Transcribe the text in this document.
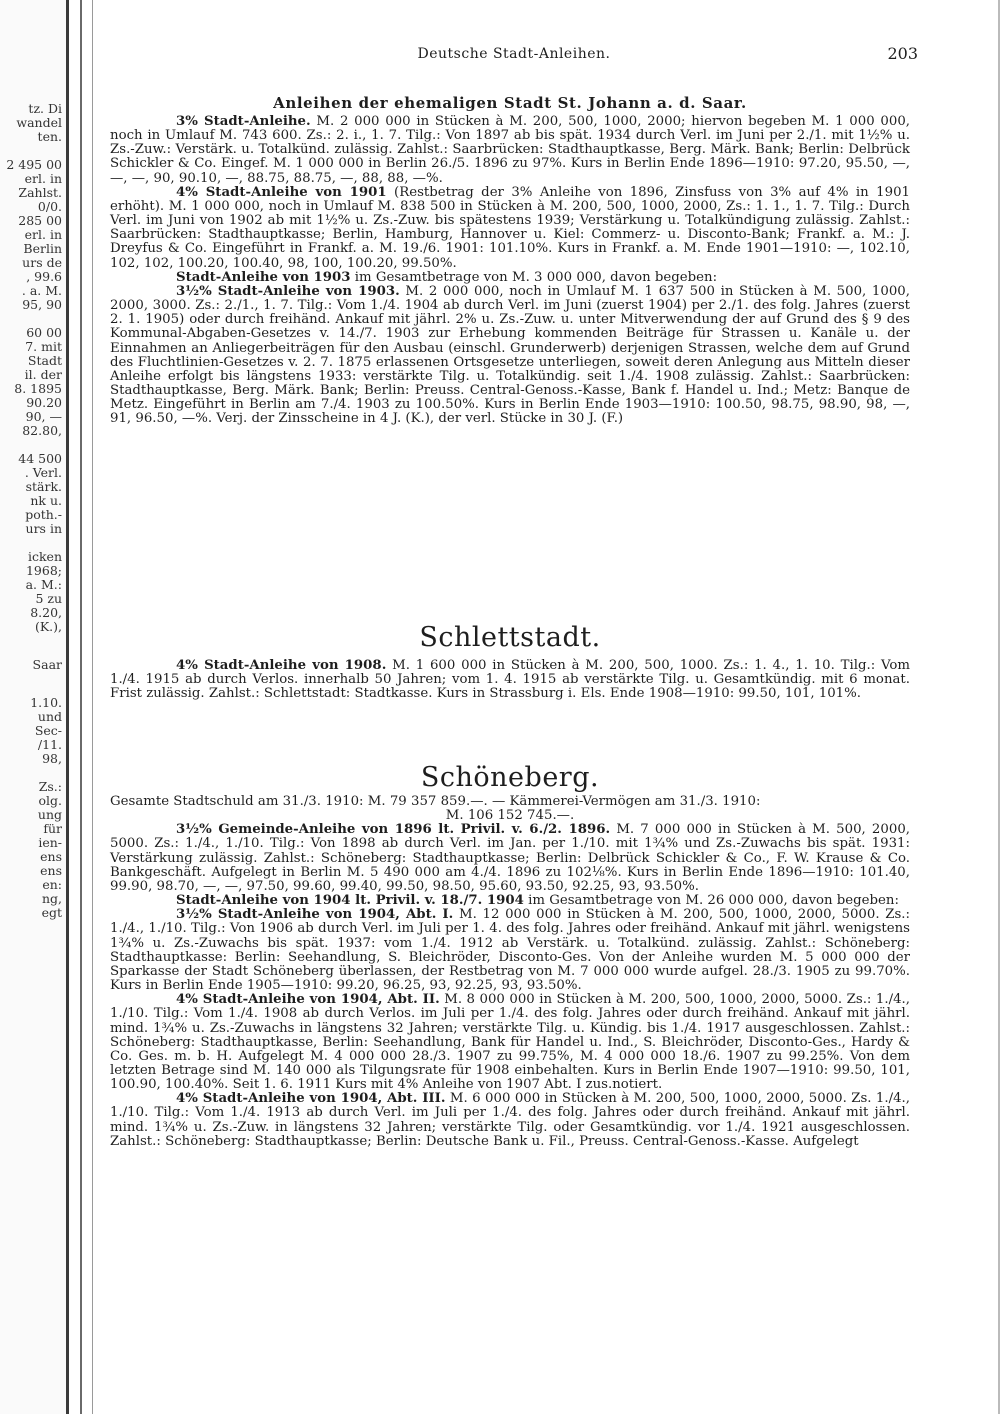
tz. Di
wandel
ten.
2 495 00
erl. in
Zahlst.
0/0.
285 00
erl. in
Berlin
urs de
, 99.6
. a. M.
95, 90
60 00
7. mit
Stadt
il. der
8. 1895
90.20
90, —
82.80,
44 500
. Verl.
stärk.
nk u.
poth.-
urs in
icken
1968;
a. M.:
5 zu
8.20,
(K.),
Saar
1.10.
und
Sec-
/11.
98,
Zs.:
olg.
ung
für
ien-
ens
ens
en:
ng,
egt
Deutsche Stadt-Anleihen.	203

Anleihen der ehemaligen Stadt St. Johann a. d. Saar.

3% Stadt-Anleihe. M. 2 000 000 in Stücken à M. 200, 500, 1000, 2000; hiervon begeben M. 1 000 000, noch in Umlauf M. 743 600. Zs.: 2. i., 1. 7. Tilg.: Von 1897 ab bis spät. 1934 durch Verl. im Juni per 2./1. mit 1½% u. Zs.-Zuw.: Verstärk. u. Totalkünd. zulässig. Zahlst.: Saarbrücken: Stadthauptkasse, Berg. Märk. Bank; Berlin: Delbrück Schickler & Co. Eingef. M. 1 000 000 in Berlin 26./5. 1896 zu 97%. Kurs in Berlin Ende 1896—1910: 97.20, 95.50, —, —, —, 90, 90.10, —, 88.75, 88.75, —, 88, 88, —%.

4% Stadt-Anleihe von 1901 (Restbetrag der 3% Anleihe von 1896, Zinsfuss von 3% auf 4% in 1901 erhöht). M. 1 000 000, noch in Umlauf M. 838 500 in Stücken à M. 200, 500, 1000, 2000, Zs.: 1. 1., 1. 7. Tilg.: Durch Verl. im Juni von 1902 ab mit 1½% u. Zs.-Zuw. bis spätestens 1939; Verstärkung u. Totalkündigung zulässig. Zahlst.: Saarbrücken: Stadthauptkasse; Berlin, Hamburg, Hannover u. Kiel: Commerz- u. Disconto-Bank; Frankf. a. M.: J. Dreyfus & Co. Eingeführt in Frankf. a. M. 19./6. 1901: 101.10%. Kurs in Frankf. a. M. Ende 1901—1910: —, 102.10, 102, 102, 100.20, 100.40, 98, 100, 100.20, 99.50%.

Stadt-Anleihe von 1903 im Gesamtbetrage von M. 3 000 000, davon begeben:

3½% Stadt-Anleihe von 1903. M. 2 000 000, noch in Umlauf M. 1 637 500 in Stücken à M. 500, 1000, 2000, 3000. Zs.: 2./1., 1. 7. Tilg.: Vom 1./4. 1904 ab durch Verl. im Juni (zuerst 1904) per 2./1. des folg. Jahres (zuerst 2. 1. 1905) oder durch freihänd. Ankauf mit jährl. 2% u. Zs.-Zuw. u. unter Mitverwendung der auf Grund des § 9 des Kommunal-Abgaben-Gesetzes v. 14./7. 1903 zur Erhebung kommenden Beiträge für Strassen u. Kanäle u. der Einnahmen an Anliegerbeiträgen für den Ausbau (einschl. Grunderwerb) derjenigen Strassen, welche dem auf Grund des Fluchtlinien-Gesetzes v. 2. 7. 1875 erlassenen Ortsgesetze unterliegen, soweit deren Anlegung aus Mitteln dieser Anleihe erfolgt bis längstens 1933: verstärkte Tilg. u. Totalkündig. seit 1./4. 1908 zulässig. Zahlst.: Saarbrücken: Stadthauptkasse, Berg. Märk. Bank; Berlin: Preuss. Central-Genoss.-Kasse, Bank f. Handel u. Ind.; Metz: Banque de Metz. Eingeführt in Berlin am 7./4. 1903 zu 100.50%. Kurs in Berlin Ende 1903—1910: 100.50, 98.75, 98.90, 98, —, 91, 96.50, —%. Verj. der Zinsscheine in 4 J. (K.), der verl. Stücke in 30 J. (F.)

Schlettstadt.

4% Stadt-Anleihe von 1908. M. 1 600 000 in Stücken à M. 200, 500, 1000. Zs.: 1. 4., 1. 10. Tilg.: Vom 1./4. 1915 ab durch Verlos. innerhalb 50 Jahren; vom 1. 4. 1915 ab verstärkte Tilg. u. Gesamtkündig. mit 6 monat. Frist zulässig. Zahlst.: Schlettstadt: Stadtkasse. Kurs in Strassburg i. Els. Ende 1908—1910: 99.50, 101, 101%.

Schöneberg.

Gesamte Stadtschuld am 31./3. 1910: M. 79 357 859.—. — Kämmerei-Vermögen am 31./3. 1910:

M. 106 152 745.—.

3½% Gemeinde-Anleihe von 1896 lt. Privil. v. 6./2. 1896. M. 7 000 000 in Stücken à M. 500, 2000, 5000. Zs.: 1./4., 1./10. Tilg.: Von 1898 ab durch Verl. im Jan. per 1./10. mit 1¾% und Zs.-Zuwachs bis spät. 1931: Verstärkung zulässig. Zahlst.: Schöneberg: Stadthauptkasse; Berlin: Delbrück Schickler & Co., F. W. Krause & Co. Bankgeschäft. Aufgelegt in Berlin M. 5 490 000 am 4./4. 1896 zu 102⅛%. Kurs in Berlin Ende 1896—1910: 101.40, 99.90, 98.70, —, —, 97.50, 99.60, 99.40, 99.50, 98.50, 95.60, 93.50, 92.25, 93, 93.50%.

Stadt-Anleihe von 1904 lt. Privil. v. 18./7. 1904 im Gesamtbetrage von M. 26 000 000, davon begeben:

3½% Stadt-Anleihe von 1904, Abt. I. M. 12 000 000 in Stücken à M. 200, 500, 1000, 2000, 5000. Zs.: 1./4., 1./10. Tilg.: Von 1906 ab durch Verl. im Juli per 1. 4. des folg. Jahres oder freihänd. Ankauf mit jährl. wenigstens 1¾% u. Zs.-Zuwachs bis spät. 1937: vom 1./4. 1912 ab Verstärk. u. Totalkünd. zulässig. Zahlst.: Schöneberg: Stadthauptkasse: Berlin: Seehandlung, S. Bleichröder, Disconto-Ges. Von der Anleihe wurden M. 5 000 000 der Sparkasse der Stadt Schöneberg überlassen, der Restbetrag von M. 7 000 000 wurde aufgel. 28./3. 1905 zu 99.70%. Kurs in Berlin Ende 1905—1910: 99.20, 96.25, 93, 92.25, 93, 93.50%.

4% Stadt-Anleihe von 1904, Abt. II. M. 8 000 000 in Stücken à M. 200, 500, 1000, 2000, 5000. Zs.: 1./4., 1./10. Tilg.: Vom 1./4. 1908 ab durch Verlos. im Juli per 1./4. des folg. Jahres oder durch freihänd. Ankauf mit jährl. mind. 1¾% u. Zs.-Zuwachs in längstens 32 Jahren; verstärkte Tilg. u. Kündig. bis 1./4. 1917 ausgeschlossen. Zahlst.: Schöneberg: Stadthauptkasse, Berlin: Seehandlung, Bank für Handel u. Ind., S. Bleichröder, Disconto-Ges., Hardy & Co. Ges. m. b. H. Aufgelegt M. 4 000 000 28./3. 1907 zu 99.75%, M. 4 000 000 18./6. 1907 zu 99.25%. Von dem letzten Betrage sind M. 140 000 als Tilgungsrate für 1908 einbehalten. Kurs in Berlin Ende 1907—1910: 99.50, 101, 100.90, 100.40%. Seit 1. 6. 1911 Kurs mit 4% Anleihe von 1907 Abt. I zus.notiert.

4% Stadt-Anleihe von 1904, Abt. III. M. 6 000 000 in Stücken à M. 200, 500, 1000, 2000, 5000. Zs. 1./4., 1./10. Tilg.: Vom 1./4. 1913 ab durch Verl. im Juli per 1./4. des folg. Jahres oder durch freihänd. Ankauf mit jährl. mind. 1¾% u. Zs.-Zuw. in längstens 32 Jahren; verstärkte Tilg. oder Gesamtkündig. vor 1./4. 1921 ausgeschlossen. Zahlst.: Schöneberg: Stadthauptkasse; Berlin: Deutsche Bank u. Fil., Preuss. Central-Genoss.-Kasse. Aufgelegt
